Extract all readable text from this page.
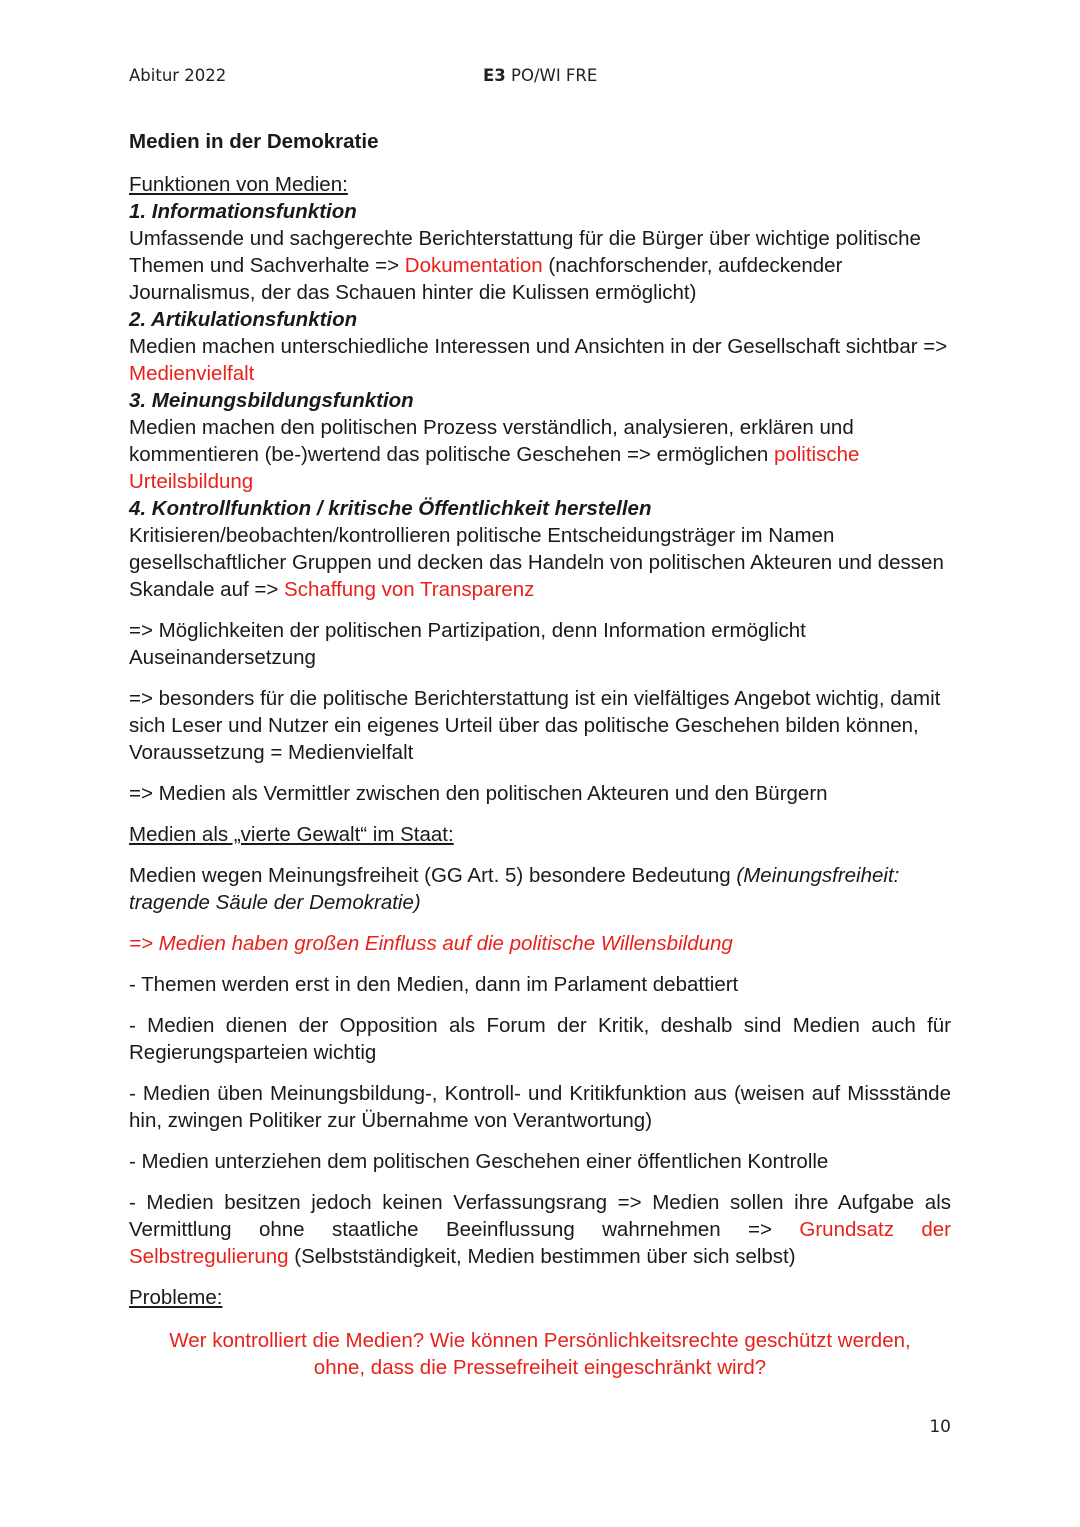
Abitur 2022	E3 PO/WI FRE

Medien in der Demokratie

Funktionen von Medien:

1. Informationsfunktion

Umfassende und sachgerechte Berichterstattung für die Bürger über wichtige politische Themen und Sachverhalte => Dokumentation (nachforschender, aufdeckender Journalismus, der das Schauen hinter die Kulissen ermöglicht)

2. Artikulationsfunktion

Medien machen unterschiedliche Interessen und Ansichten in der Gesellschaft sichtbar => Medienvielfalt

3. Meinungsbildungsfunktion

Medien machen den politischen Prozess verständlich, analysieren, erklären und kommentieren (be-)wertend das politische Geschehen => ermöglichen politische Urteilsbildung

4. Kontrollfunktion / kritische Öffentlichkeit herstellen

Kritisieren/beobachten/kontrollieren politische Entscheidungsträger im Namen gesellschaftlicher Gruppen und decken das Handeln von politischen Akteuren und dessen Skandale auf => Schaffung von Transparenz

=> Möglichkeiten der politischen Partizipation, denn Information ermöglicht Auseinandersetzung

=> besonders für die politische Berichterstattung ist ein vielfältiges Angebot wichtig, damit sich Leser und Nutzer ein eigenes Urteil über das politische Geschehen bilden können, Voraussetzung = Medienvielfalt

=> Medien als Vermittler zwischen den politischen Akteuren und den Bürgern

Medien als „vierte Gewalt“ im Staat:

Medien wegen Meinungsfreiheit (GG Art. 5) besondere Bedeutung (Meinungsfreiheit: tragende Säule der Demokratie)

=> Medien haben großen Einfluss auf die politische Willensbildung

- Themen werden erst in den Medien, dann im Parlament debattiert

- Medien dienen der Opposition als Forum der Kritik, deshalb sind Medien auch für Regierungsparteien wichtig

- Medien üben Meinungsbildung-, Kontroll- und Kritikfunktion aus (weisen auf Missstände hin, zwingen Politiker zur Übernahme von Verantwortung)

- Medien unterziehen dem politischen Geschehen einer öffentlichen Kontrolle

- Medien besitzen jedoch keinen Verfassungsrang => Medien sollen ihre Aufgabe als Vermittlung ohne staatliche Beeinflussung wahrnehmen => Grundsatz der Selbstregulierung (Selbstständigkeit, Medien bestimmen über sich selbst)

Probleme:

Wer kontrolliert die Medien? Wie können Persönlichkeitsrechte geschützt werden,
ohne, dass die Pressefreiheit eingeschränkt wird?
10
